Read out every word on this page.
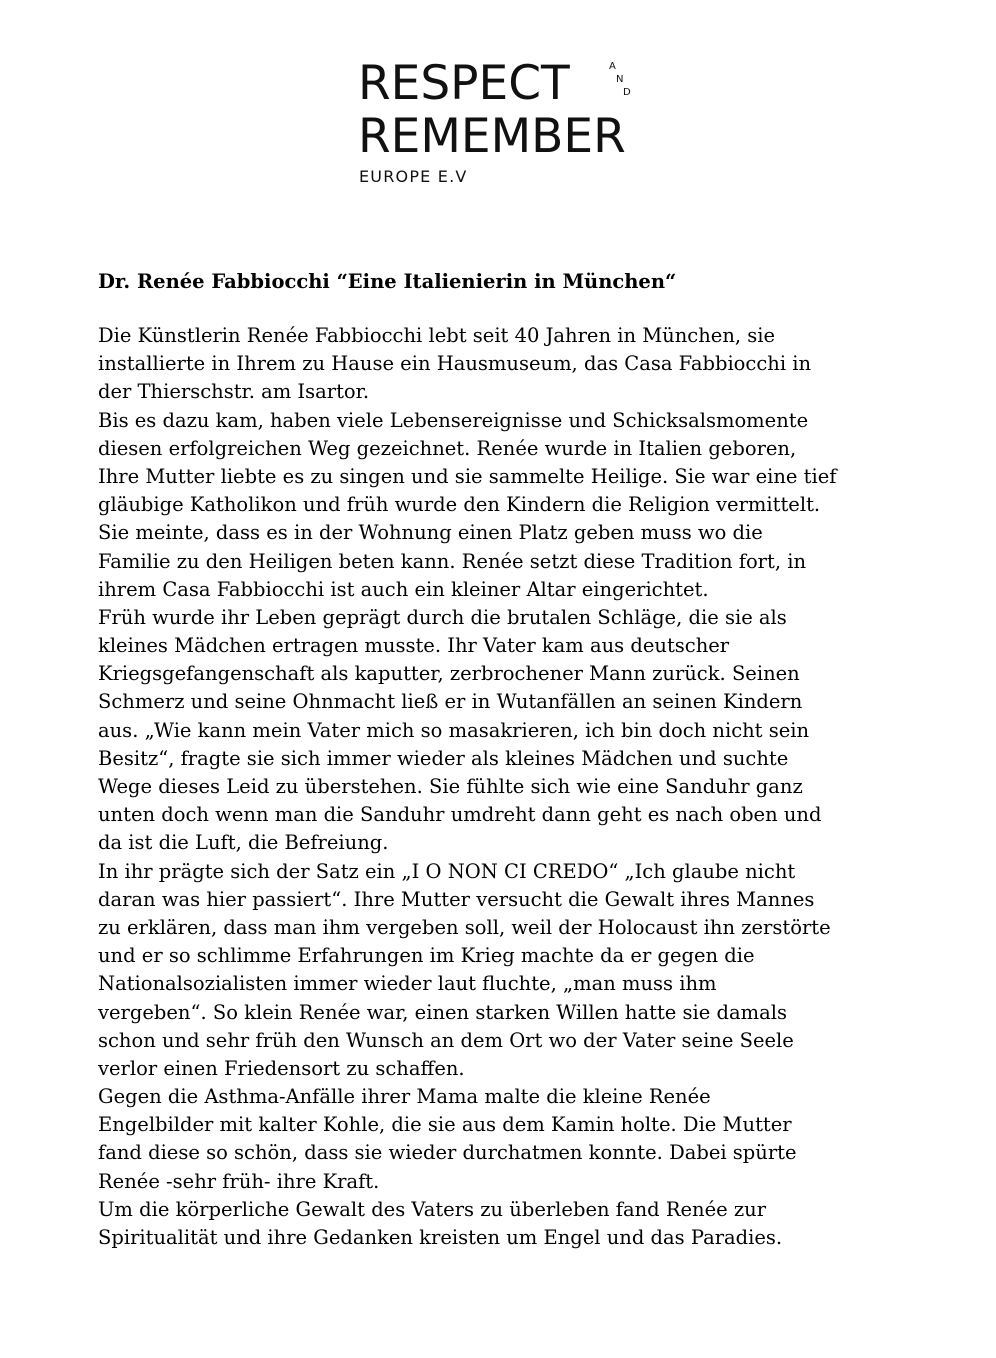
RESPECT	A
N
D
REMEMBER
EUROPE E.V
Dr. Renée Fabbiocchi “Eine Italienierin in München“
Die Künstlerin Renée Fabbiocchi lebt seit 40 Jahren in München, sie
installierte in Ihrem zu Hause ein Hausmuseum, das Casa Fabbiocchi in
der Thierschstr. am Isartor.
Bis es dazu kam, haben viele Lebensereignisse und Schicksalsmomente
diesen erfolgreichen Weg gezeichnet. Renée wurde in Italien geboren,
Ihre Mutter liebte es zu singen und sie sammelte Heilige. Sie war eine tief
gläubige Katholikon und früh wurde den Kindern die Religion vermittelt.
Sie meinte, dass es in der Wohnung einen Platz geben muss wo die
Familie zu den Heiligen beten kann. Renée setzt diese Tradition fort, in
ihrem Casa Fabbiocchi ist auch ein kleiner Altar eingerichtet.
Früh wurde ihr Leben geprägt durch die brutalen Schläge, die sie als
kleines Mädchen ertragen musste. Ihr Vater kam aus deutscher
Kriegsgefangenschaft als kaputter, zerbrochener Mann zurück. Seinen
Schmerz und seine Ohnmacht ließ er in Wutanfällen an seinen Kindern
aus. „Wie kann mein Vater mich so masakrieren, ich bin doch nicht sein
Besitz“, fragte sie sich immer wieder als kleines Mädchen und suchte
Wege dieses Leid zu überstehen. Sie fühlte sich wie eine Sanduhr ganz
unten doch wenn man die Sanduhr umdreht dann geht es nach oben und
da ist die Luft, die Befreiung.
In ihr prägte sich der Satz ein „I O NON CI CREDO“ „Ich glaube nicht
daran was hier passiert“. Ihre Mutter versucht die Gewalt ihres Mannes
zu erklären, dass man ihm vergeben soll, weil der Holocaust ihn zerstörte
und er so schlimme Erfahrungen im Krieg machte da er gegen die
Nationalsozialisten immer wieder laut fluchte, „man muss ihm
vergeben“. So klein Renée war, einen starken Willen hatte sie damals
schon und sehr früh den Wunsch an dem Ort wo der Vater seine Seele
verlor einen Friedensort zu schaffen.
Gegen die Asthma-Anfälle ihrer Mama malte die kleine Renée
Engelbilder mit kalter Kohle, die sie aus dem Kamin holte. Die Mutter
fand diese so schön, dass sie wieder durchatmen konnte. Dabei spürte
Renée -sehr früh- ihre Kraft.
Um die körperliche Gewalt des Vaters zu überleben fand Renée zur
Spiritualität und ihre Gedanken kreisten um Engel und das Paradies.
